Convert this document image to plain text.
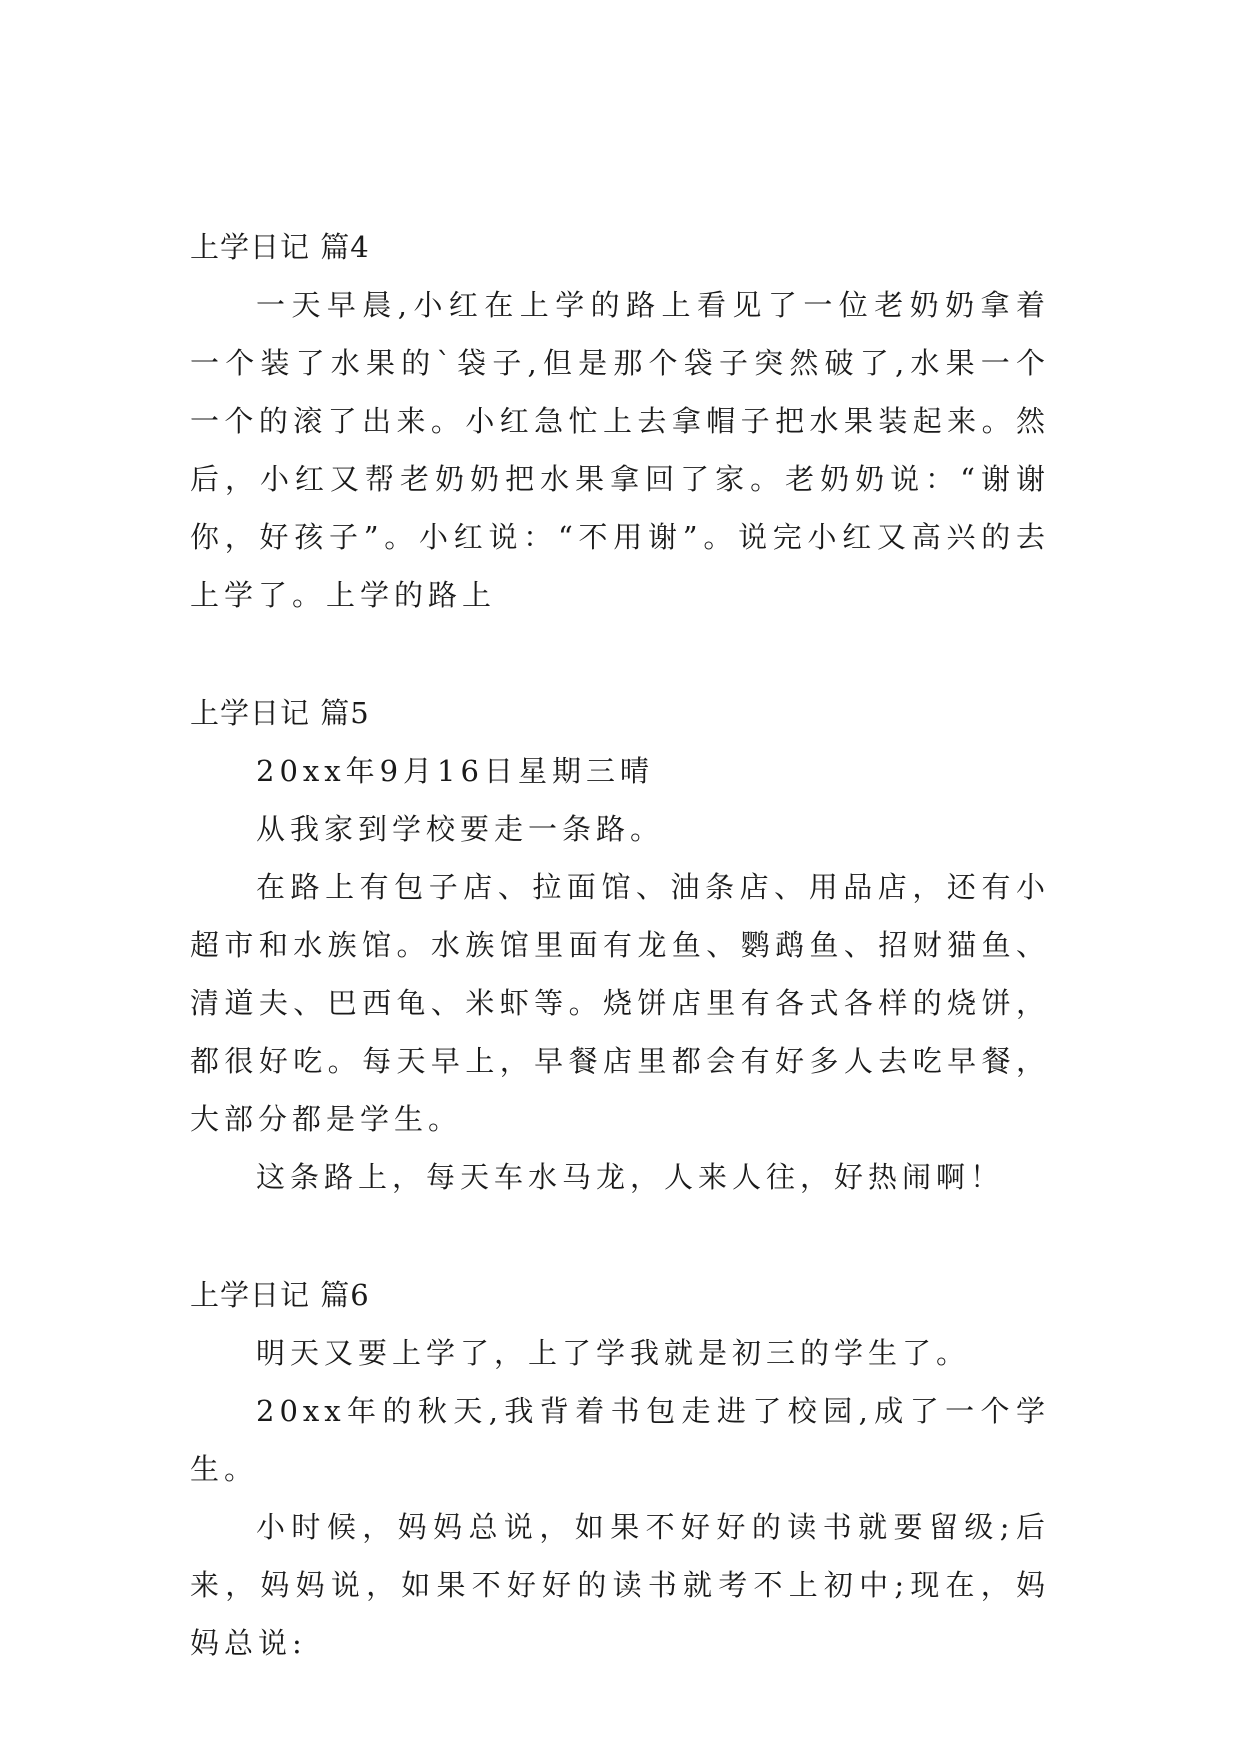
上学日记 篇4

一天早晨,小红在上学的路上看见了一位老奶奶拿着一个装了水果的`袋子,但是那个袋子突然破了,水果一个一个的滚了出来。小红急忙上去拿帽子把水果装起来。然后，小红又帮老奶奶把水果拿回了家。老奶奶说：“谢谢你，好孩子”。小红说：“不用谢”。说完小红又高兴的去上学了。上学的路上

上学日记 篇5

20xx年9月16日星期三晴

从我家到学校要走一条路。

在路上有包子店、拉面馆、油条店、用品店，还有小超市和水族馆。水族馆里面有龙鱼、鹦鹉鱼、招财猫鱼、清道夫、巴西龟、米虾等。烧饼店里有各式各样的烧饼，都很好吃。每天早上，早餐店里都会有好多人去吃早餐，大部分都是学生。

这条路上，每天车水马龙，人来人往，好热闹啊！

上学日记 篇6

明天又要上学了，上了学我就是初三的学生了。

20xx年的秋天,我背着书包走进了校园,成了一个学生。

小时候，妈妈总说，如果不好好的读书就要留级;后来，妈妈说，如果不好好的读书就考不上初中;现在，妈妈总说:
